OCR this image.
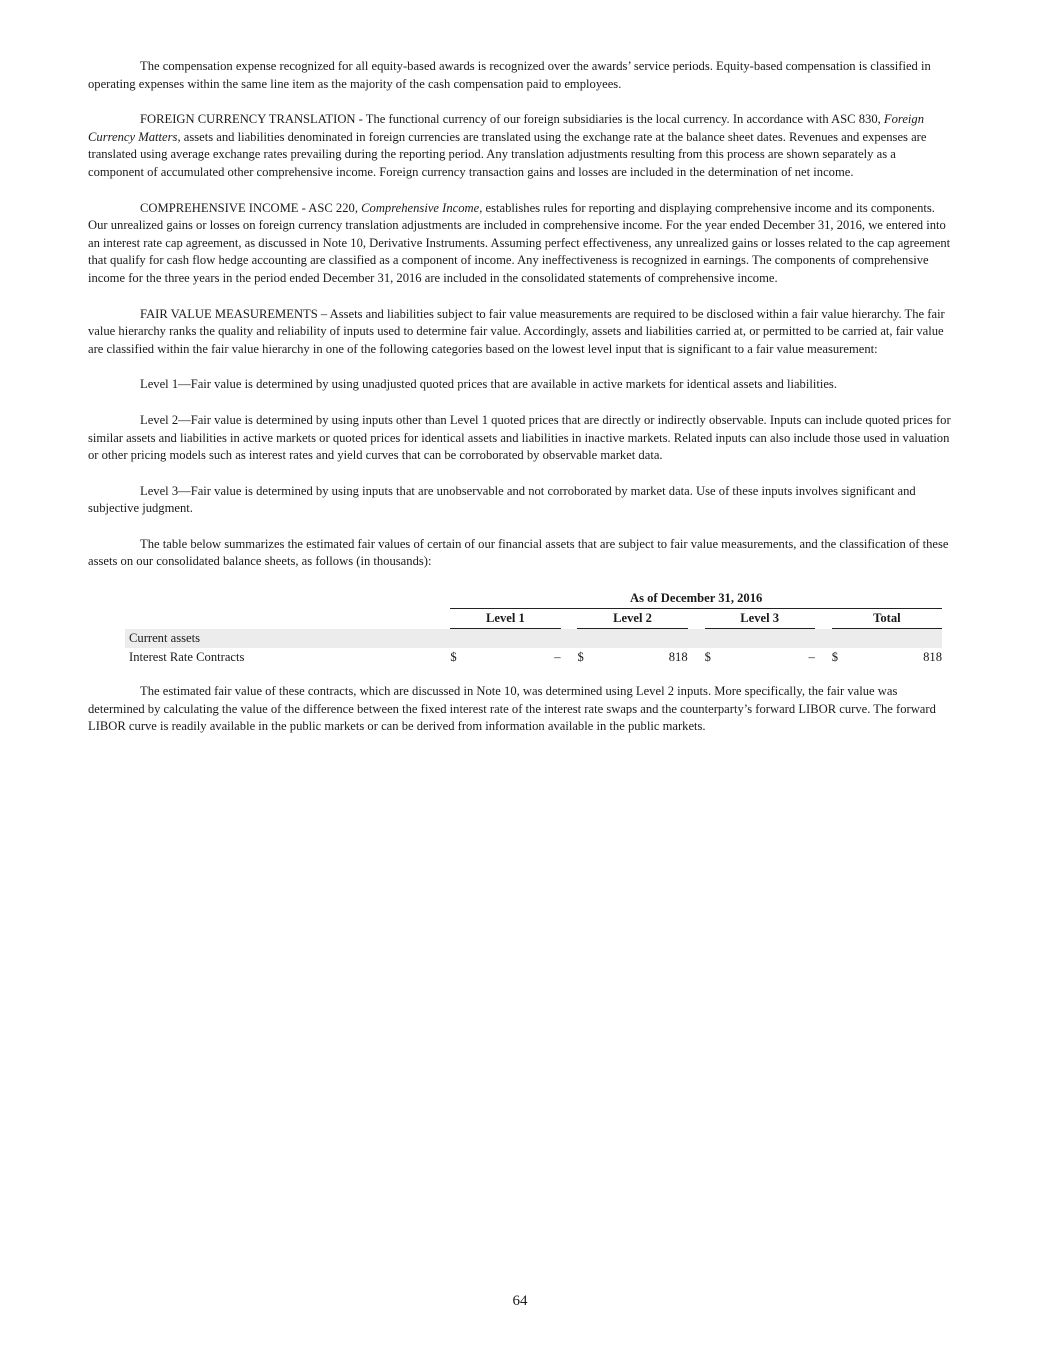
The compensation expense recognized for all equity-based awards is recognized over the awards’ service periods. Equity-based compensation is classified in operating expenses within the same line item as the majority of the cash compensation paid to employees.

FOREIGN CURRENCY TRANSLATION - The functional currency of our foreign subsidiaries is the local currency. In accordance with ASC 830, Foreign Currency Matters, assets and liabilities denominated in foreign currencies are translated using the exchange rate at the balance sheet dates. Revenues and expenses are translated using average exchange rates prevailing during the reporting period. Any translation adjustments resulting from this process are shown separately as a component of accumulated other comprehensive income. Foreign currency transaction gains and losses are included in the determination of net income.

COMPREHENSIVE INCOME - ASC 220, Comprehensive Income, establishes rules for reporting and displaying comprehensive income and its components. Our unrealized gains or losses on foreign currency translation adjustments are included in comprehensive income. For the year ended December 31, 2016, we entered into an interest rate cap agreement, as discussed in Note 10, Derivative Instruments. Assuming perfect effectiveness, any unrealized gains or losses related to the cap agreement that qualify for cash flow hedge accounting are classified as a component of income. Any ineffectiveness is recognized in earnings. The components of comprehensive income for the three years in the period ended December 31, 2016 are included in the consolidated statements of comprehensive income.

FAIR VALUE MEASUREMENTS – Assets and liabilities subject to fair value measurements are required to be disclosed within a fair value hierarchy. The fair value hierarchy ranks the quality and reliability of inputs used to determine fair value. Accordingly, assets and liabilities carried at, or permitted to be carried at, fair value are classified within the fair value hierarchy in one of the following categories based on the lowest level input that is significant to a fair value measurement:

Level 1—Fair value is determined by using unadjusted quoted prices that are available in active markets for identical assets and liabilities.

Level 2—Fair value is determined by using inputs other than Level 1 quoted prices that are directly or indirectly observable. Inputs can include quoted prices for similar assets and liabilities in active markets or quoted prices for identical assets and liabilities in inactive markets. Related inputs can also include those used in valuation or other pricing models such as interest rates and yield curves that can be corroborated by observable market data.

Level 3—Fair value is determined by using inputs that are unobservable and not corroborated by market data. Use of these inputs involves significant and subjective judgment.

The table below summarizes the estimated fair values of certain of our financial assets that are subject to fair value measurements, and the classification of these assets on our consolidated balance sheets, as follows (in thousands):

	As of December 31, 2016										
	Level 1			Level 2			Level 3			Total	
Current assets											
Interest Rate Contracts	$	–		$	818		$	–		$	818

The estimated fair value of these contracts, which are discussed in Note 10, was determined using Level 2 inputs. More specifically, the fair value was determined by calculating the value of the difference between the fixed interest rate of the interest rate swaps and the counterparty’s forward LIBOR curve. The forward LIBOR curve is readily available in the public markets or can be derived from information available in the public markets.

64
